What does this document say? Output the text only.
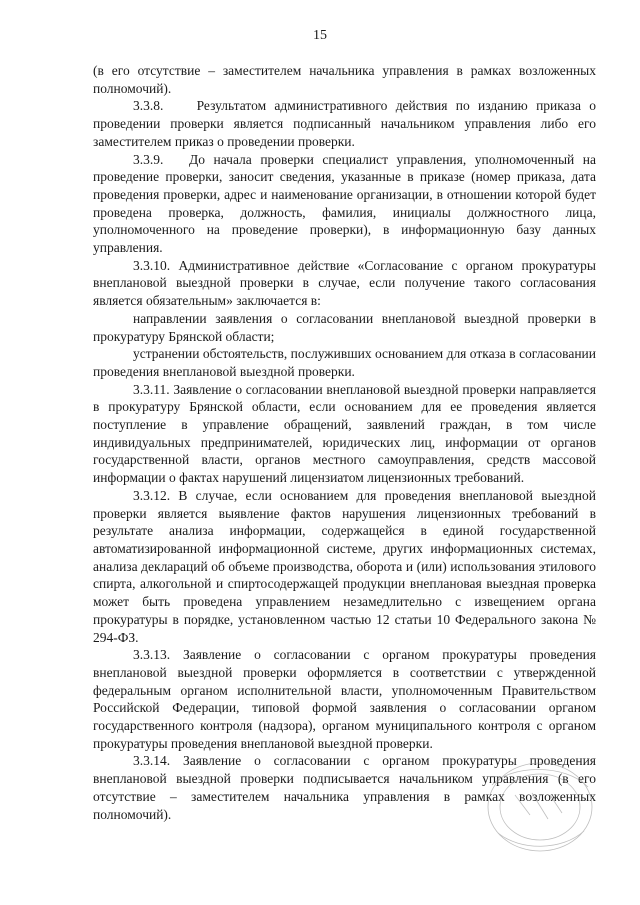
15

(в его отсутствие – заместителем начальника управления в рамках возложенных полномочий).

3.3.8.    Результатом административного действия по изданию приказа о проведении проверки является подписанный начальником управления либо его заместителем приказ о проведении проверки.

3.3.9.   До начала проверки специалист управления, уполномоченный на проведение проверки, заносит сведения, указанные в приказе (номер приказа, дата проведения проверки, адрес и наименование организации, в отношении которой будет проведена проверка, должность, фамилия, инициалы должностного лица, уполномоченного на проведение проверки), в информационную базу данных управления.

3.3.10. Административное действие «Согласование с органом прокуратуры внеплановой выездной проверки в случае, если получение такого согласования является обязательным» заключается в:

направлении заявления о согласовании внеплановой выездной проверки в прокуратуру Брянской области;

устранении обстоятельств, послуживших основанием для отказа в согласовании проведения внеплановой выездной проверки.

3.3.11. Заявление о согласовании внеплановой выездной проверки направляется в прокуратуру Брянской области, если основанием для ее проведения является поступление в управление обращений, заявлений граждан, в том числе индивидуальных предпринимателей, юридических лиц, информации от органов государственной власти, органов местного самоуправления, средств массовой информации о фактах нарушений лицензиатом лицензионных требований.

3.3.12. В случае, если основанием для проведения внеплановой выездной проверки является выявление фактов нарушения лицензионных требований в результате анализа информации, содержащейся в единой государственной автоматизированной информационной системе, других информационных системах, анализа деклараций об объеме производства, оборота и (или) использования этилового спирта, алкогольной и спиртосодержащей продукции внеплановая выездная проверка может быть проведена управлением незамедлительно с извещением органа прокуратуры в порядке, установленном частью 12 статьи 10 Федерального закона № 294-ФЗ.

3.3.13. Заявление о согласовании с органом прокуратуры проведения внеплановой выездной проверки оформляется в соответствии с утвержденной федеральным органом исполнительной власти, уполномоченным Правительством Российской Федерации, типовой формой заявления о согласовании органом государственного контроля (надзора), органом муниципального контроля с органом прокуратуры проведения внеплановой выездной проверки.

3.3.14. Заявление о согласовании с органом прокуратуры проведения внеплановой выездной проверки подписывается начальником управления (в его отсутствие – заместителем начальника управления в рамках возложенных полномочий).
